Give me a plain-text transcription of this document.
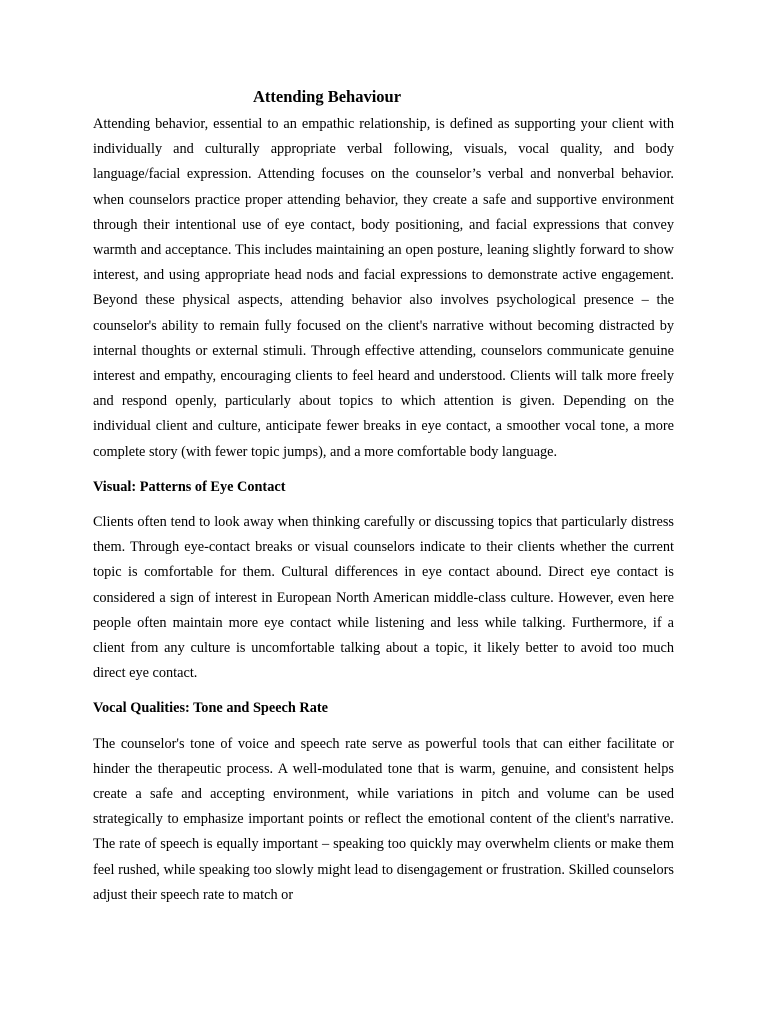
Attending Behaviour

Attending behavior, essential to an empathic relationship, is defined as supporting your client with individually and culturally appropriate verbal following, visuals, vocal quality, and body language/facial expression. Attending focuses on the counselor’s verbal and nonverbal behavior. when counselors practice proper attending behavior, they create a safe and supportive environment through their intentional use of eye contact, body positioning, and facial expressions that convey warmth and acceptance. This includes maintaining an open posture, leaning slightly forward to show interest, and using appropriate head nods and facial expressions to demonstrate active engagement. Beyond these physical aspects, attending behavior also involves psychological presence – the counselor's ability to remain fully focused on the client's narrative without becoming distracted by internal thoughts or external stimuli. Through effective attending, counselors communicate genuine interest and empathy, encouraging clients to feel heard and understood. Clients will talk more freely and respond openly, particularly about topics to which attention is given. Depending on the individual client and culture, anticipate fewer breaks in eye contact, a smoother vocal tone, a more complete story (with fewer topic jumps), and a more comfortable body language.

Visual: Patterns of Eye Contact

Clients often tend to look away when thinking carefully or discussing topics that particularly distress them. Through eye-contact breaks or visual counselors indicate to their clients whether the current topic is comfortable for them. Cultural differences in eye contact abound. Direct eye contact is considered a sign of interest in European North American middle-class culture. However, even here people often maintain more eye contact while listening and less while talking. Furthermore, if a client from any culture is uncomfortable talking about a topic, it likely better to avoid too much direct eye contact.

Vocal Qualities: Tone and Speech Rate

The counselor's tone of voice and speech rate serve as powerful tools that can either facilitate or hinder the therapeutic process. A well-modulated tone that is warm, genuine, and consistent helps create a safe and accepting environment, while variations in pitch and volume can be used strategically to emphasize important points or reflect the emotional content of the client's narrative. The rate of speech is equally important – speaking too quickly may overwhelm clients or make them feel rushed, while speaking too slowly might lead to disengagement or frustration. Skilled counselors adjust their speech rate to match or
